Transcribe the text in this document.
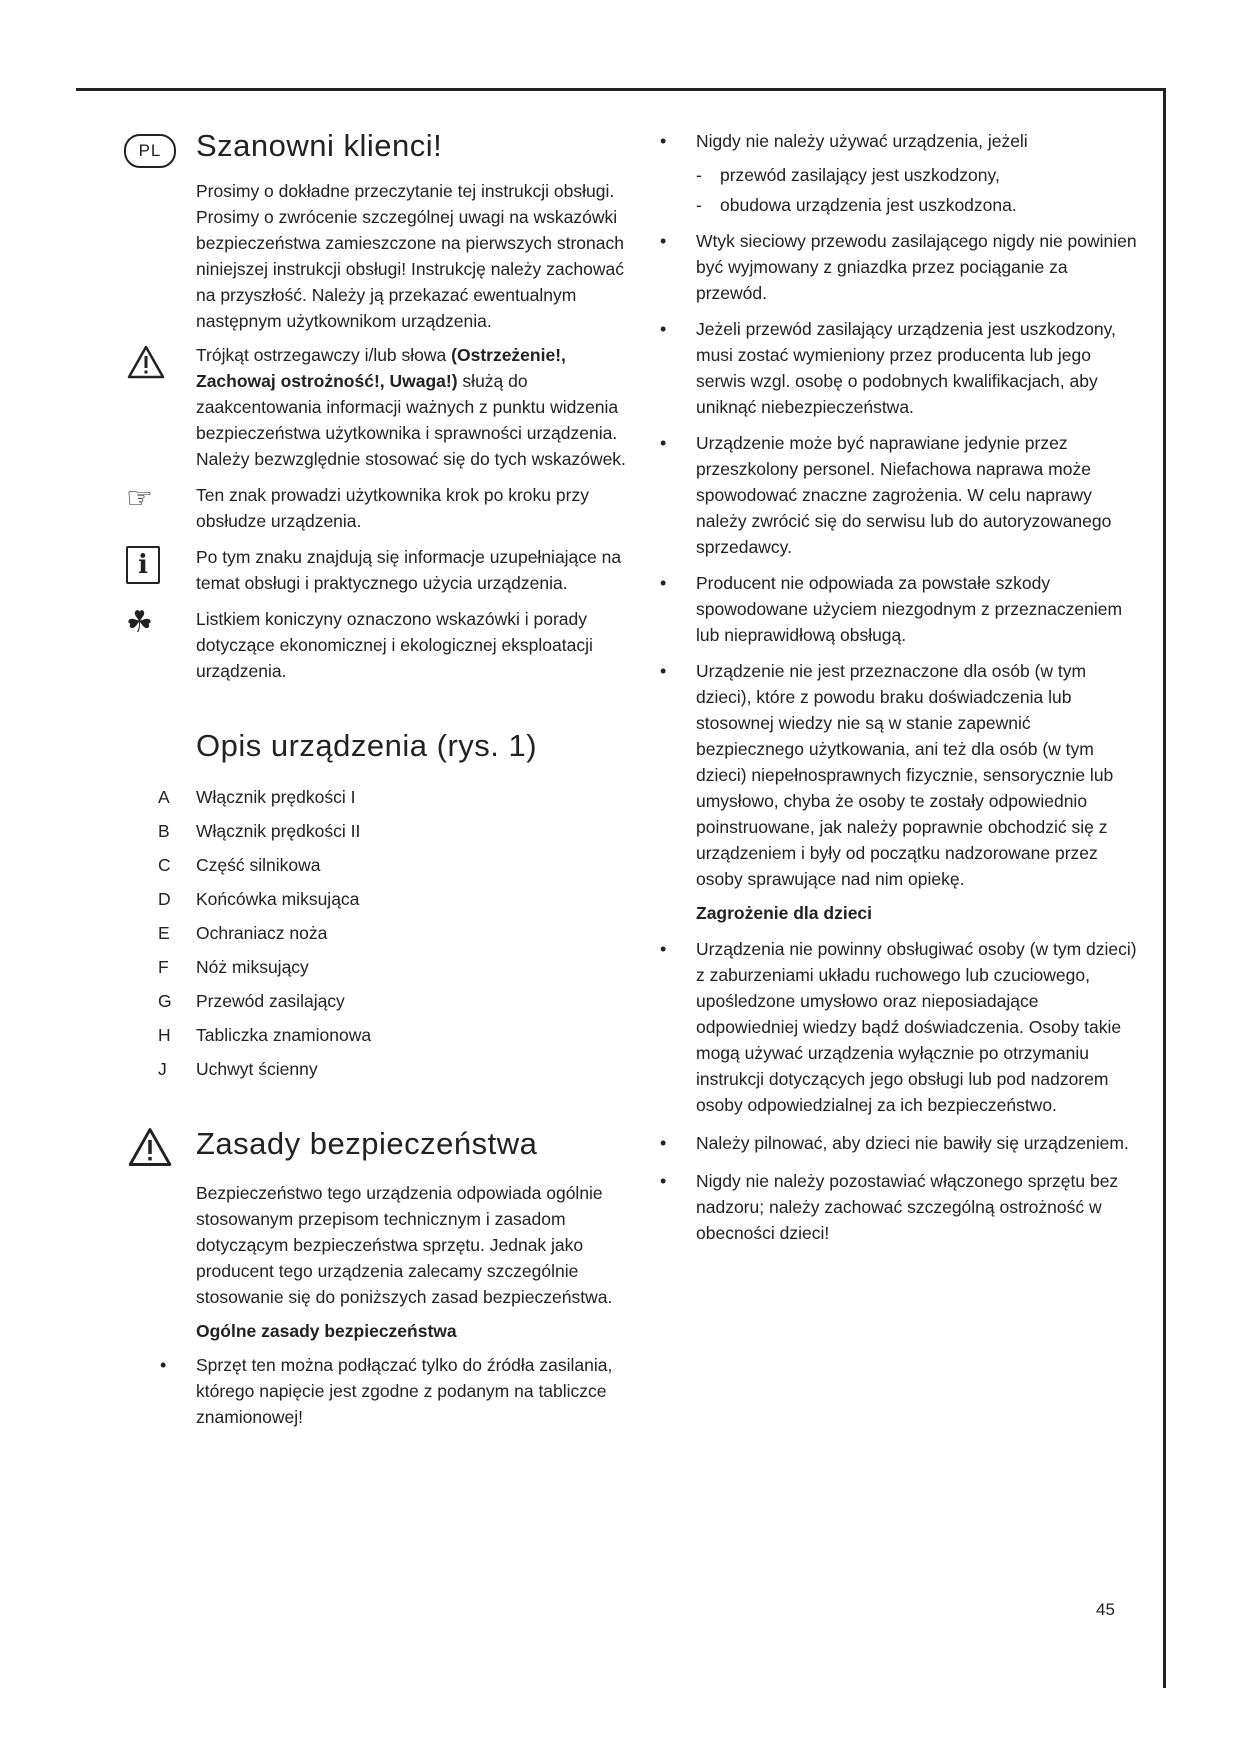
PL	Szanowni klienci!

Prosimy o dokładne przeczytanie tej instrukcji obsługi. Prosimy o zwrócenie szczególnej uwagi na wskazówki bezpieczeństwa zamieszczone na pierwszych stronach niniejszej instrukcji obsługi! Instrukcję należy zachować na przyszłość. Należy ją przekazać ewentualnym następnym użytkownikom urządzenia.

Trójkąt ostrzegawczy i/lub słowa (Ostrzeżenie!, Zachowaj ostrożność!, Uwaga!) służą do zaakcentowania informacji ważnych z punktu widzenia bezpieczeństwa użytkownika i sprawności urządzenia. Należy bezwzględnie stosować się do tych wskazówek.

☞ Ten znak prowadzi użytkownika krok po kroku przy obsłudze urządzenia.

i	Po tym znaku znajdują się informacje uzupełniające na temat obsługi i praktycznego użycia urządzenia.

☘ Listkiem koniczyny oznaczono wskazówki i porady dotyczące ekonomicznej i ekologicznej eksploatacji urządzenia.

Opis urządzenia (rys. 1)
A	Włącznik prędkości I
B	Włącznik prędkości II
C	Część silnikowa
D	Końcówka miksująca
E	Ochraniacz noża
F	Nóż miksujący
G	Przewód zasilający
H	Tabliczka znamionowa
J	Uchwyt ścienny
Zasady bezpieczeństwa

Bezpieczeństwo tego urządzenia odpowiada ogólnie stosowanym przepisom technicznym i zasadom dotyczącym bezpieczeństwa sprzętu. Jednak jako producent tego urządzenia zalecamy szczególnie stosowanie się do poniższych zasad bezpieczeństwa.

Ogólne zasady bezpieczeństwa

• Sprzęt ten można podłączać tylko do źródła zasilania, którego napięcie jest zgodne z podanym na tabliczce znamionowej!

• Nigdy nie należy używać urządzenia, jeżeli

- przewód zasilający jest uszkodzony,

- obudowa urządzenia jest uszkodzona.

• Wtyk sieciowy przewodu zasilającego nigdy nie powinien być wyjmowany z gniazdka przez pociąganie za przewód.

• Jeżeli przewód zasilający urządzenia jest uszkodzony, musi zostać wymieniony przez producenta lub jego serwis wzgl. osobę o podobnych kwalifikacjach, aby uniknąć niebezpieczeństwa.

• Urządzenie może być naprawiane jedynie przez przeszkolony personel. Niefachowa naprawa może spowodować znaczne zagrożenia. W celu naprawy należy zwrócić się do serwisu lub do autoryzowanego sprzedawcy.

• Producent nie odpowiada za powstałe szkody spowodowane użyciem niezgodnym z przeznaczeniem lub nieprawidłową obsługą.

• Urządzenie nie jest przeznaczone dla osób (w tym dzieci), które z powodu braku doświadczenia lub stosownej wiedzy nie są w stanie zapewnić bezpiecznego użytkowania, ani też dla osób (w tym dzieci) niepełnosprawnych fizycznie, sensorycznie lub umysłowo, chyba że osoby te zostały odpowiednio poinstruowane, jak należy poprawnie obchodzić się z urządzeniem i były od początku nadzorowane przez osoby sprawujące nad nim opiekę.

Zagrożenie dla dzieci

• Urządzenia nie powinny obsługiwać osoby (w tym dzieci) z zaburzeniami układu ruchowego lub czuciowego, upośledzone umysłowo oraz nieposiadające odpowiedniej wiedzy bądź doświadczenia. Osoby takie mogą używać urządzenia wyłącznie po otrzymaniu instrukcji dotyczących jego obsługi lub pod nadzorem osoby odpowiedzialnej za ich bezpieczeństwo.

• Należy pilnować, aby dzieci nie bawiły się urządzeniem.

• Nigdy nie należy pozostawiać włączonego sprzętu bez nadzoru; należy zachować szczególną ostrożność w obecności dzieci!

45
